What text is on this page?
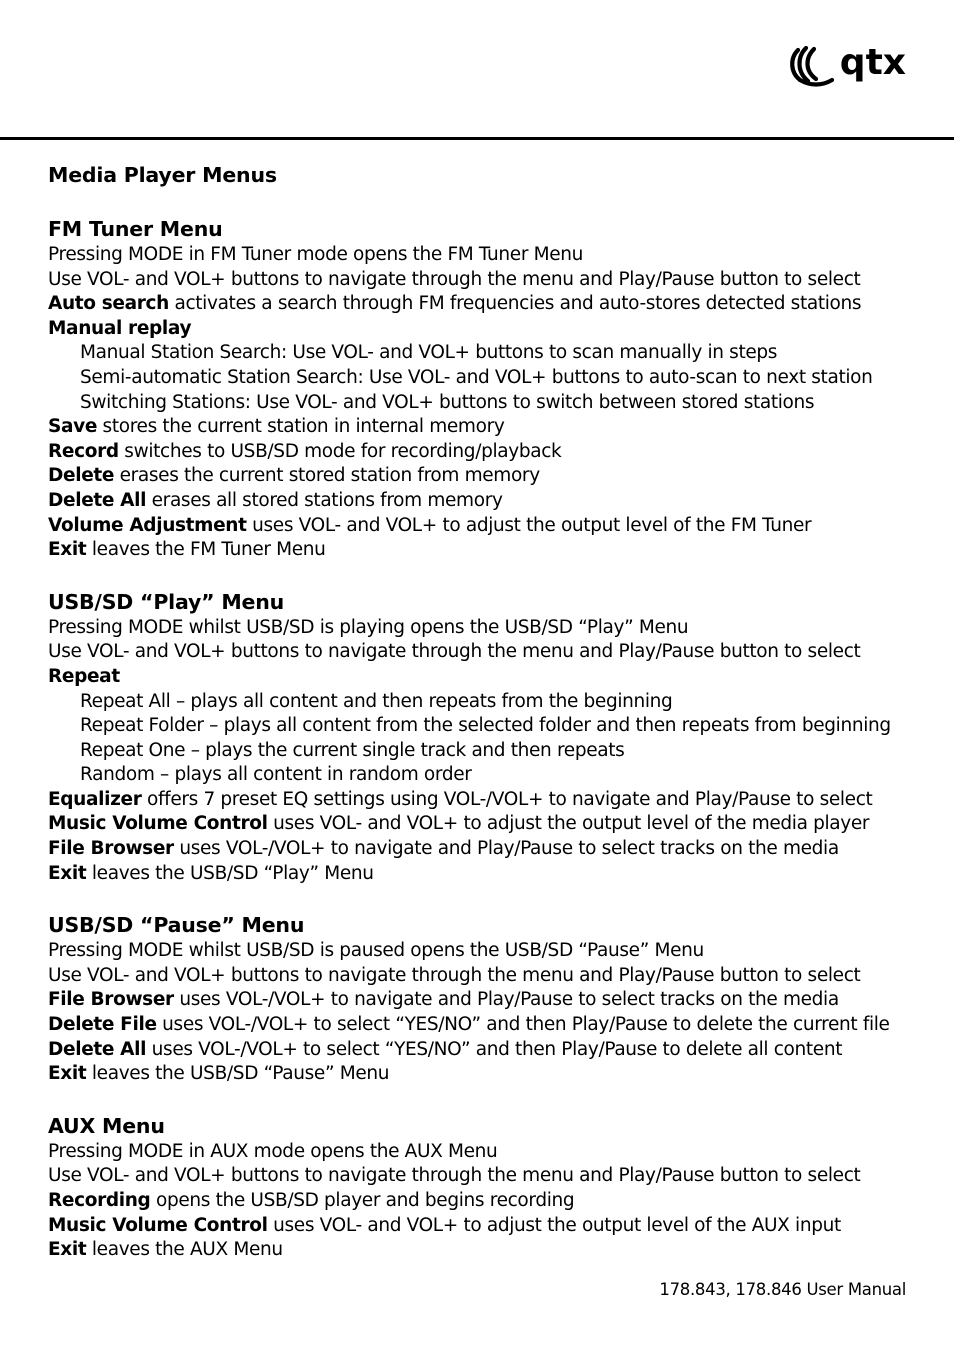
qtx
Media Player Menus
FM Tuner Menu
Pressing MODE in FM Tuner mode opens the FM Tuner Menu
Use VOL- and VOL+ buttons to navigate through the menu and Play/Pause button to select
Auto search activates a search through FM frequencies and auto-stores detected stations
Manual replay
Manual Station Search: Use VOL- and VOL+ buttons to scan manually in steps
Semi-automatic Station Search: Use VOL- and VOL+ buttons to auto-scan to next station
Switching Stations: Use VOL- and VOL+ buttons to switch between stored stations
Save stores the current station in internal memory
Record switches to USB/SD mode for recording/playback
Delete erases the current stored station from memory
Delete All erases all stored stations from memory
Volume Adjustment uses VOL- and VOL+ to adjust the output level of the FM Tuner
Exit leaves the FM Tuner Menu
USB/SD “Play” Menu
Pressing MODE whilst USB/SD is playing opens the USB/SD “Play” Menu
Use VOL- and VOL+ buttons to navigate through the menu and Play/Pause button to select
Repeat
Repeat All – plays all content and then repeats from the beginning
Repeat Folder – plays all content from the selected folder and then repeats from beginning
Repeat One – plays the current single track and then repeats
Random – plays all content in random order
Equalizer offers 7 preset EQ settings using VOL-/VOL+ to navigate and Play/Pause to select
Music Volume Control uses VOL- and VOL+ to adjust the output level of the media player
File Browser uses VOL-/VOL+ to navigate and Play/Pause to select tracks on the media
Exit leaves the USB/SD “Play” Menu
USB/SD “Pause” Menu
Pressing MODE whilst USB/SD is paused opens the USB/SD “Pause” Menu
Use VOL- and VOL+ buttons to navigate through the menu and Play/Pause button to select
File Browser uses VOL-/VOL+ to navigate and Play/Pause to select tracks on the media
Delete File uses VOL-/VOL+ to select “YES/NO” and then Play/Pause to delete the current file
Delete All uses VOL-/VOL+ to select “YES/NO” and then Play/Pause to delete all content
Exit leaves the USB/SD “Pause” Menu
AUX Menu
Pressing MODE in AUX mode opens the AUX Menu
Use VOL- and VOL+ buttons to navigate through the menu and Play/Pause button to select
Recording opens the USB/SD player and begins recording
Music Volume Control uses VOL- and VOL+ to adjust the output level of the AUX input
Exit leaves the AUX Menu
178.843, 178.846 User Manual
